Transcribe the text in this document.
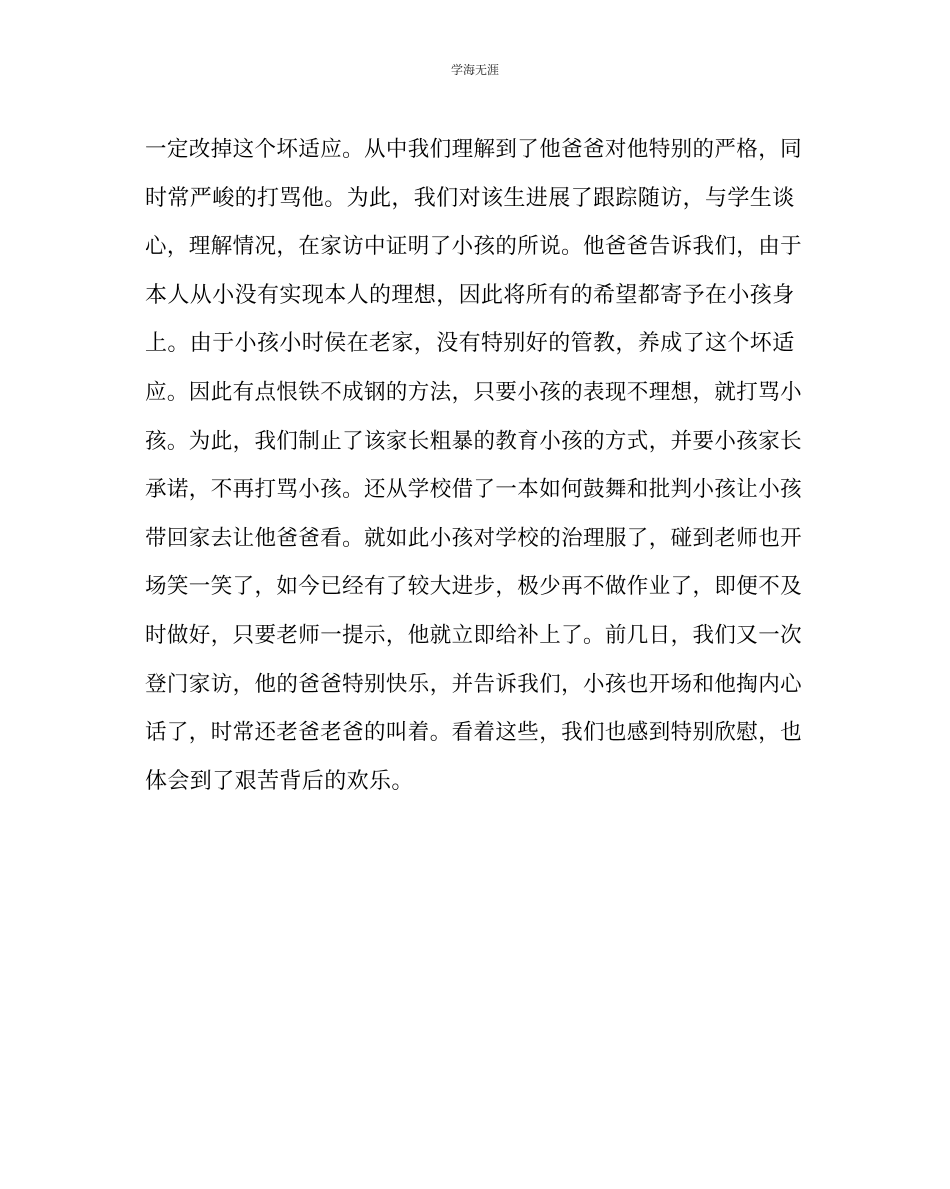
学海无涯
一定改掉这个坏适应。从中我们理解到了他爸爸对他特别的严格，同
时常严峻的打骂他。为此，我们对该生进展了跟踪随访，与学生谈
心，理解情况，在家访中证明了小孩的所说。他爸爸告诉我们，由于
本人从小没有实现本人的理想，因此将所有的希望都寄予在小孩身
上。由于小孩小时侯在老家，没有特别好的管教，养成了这个坏适
应。因此有点恨铁不成钢的方法，只要小孩的表现不理想，就打骂小
孩。为此，我们制止了该家长粗暴的教育小孩的方式，并要小孩家长
承诺，不再打骂小孩。还从学校借了一本如何鼓舞和批判小孩让小孩
带回家去让他爸爸看。就如此小孩对学校的治理服了，碰到老师也开
场笑一笑了，如今已经有了较大进步，极少再不做作业了，即便不及
时做好，只要老师一提示，他就立即给补上了。前几日，我们又一次
登门家访，他的爸爸特别快乐，并告诉我们，小孩也开场和他掏内心
话了，时常还老爸老爸的叫着。看着这些，我们也感到特别欣慰，也
体会到了艰苦背后的欢乐。
